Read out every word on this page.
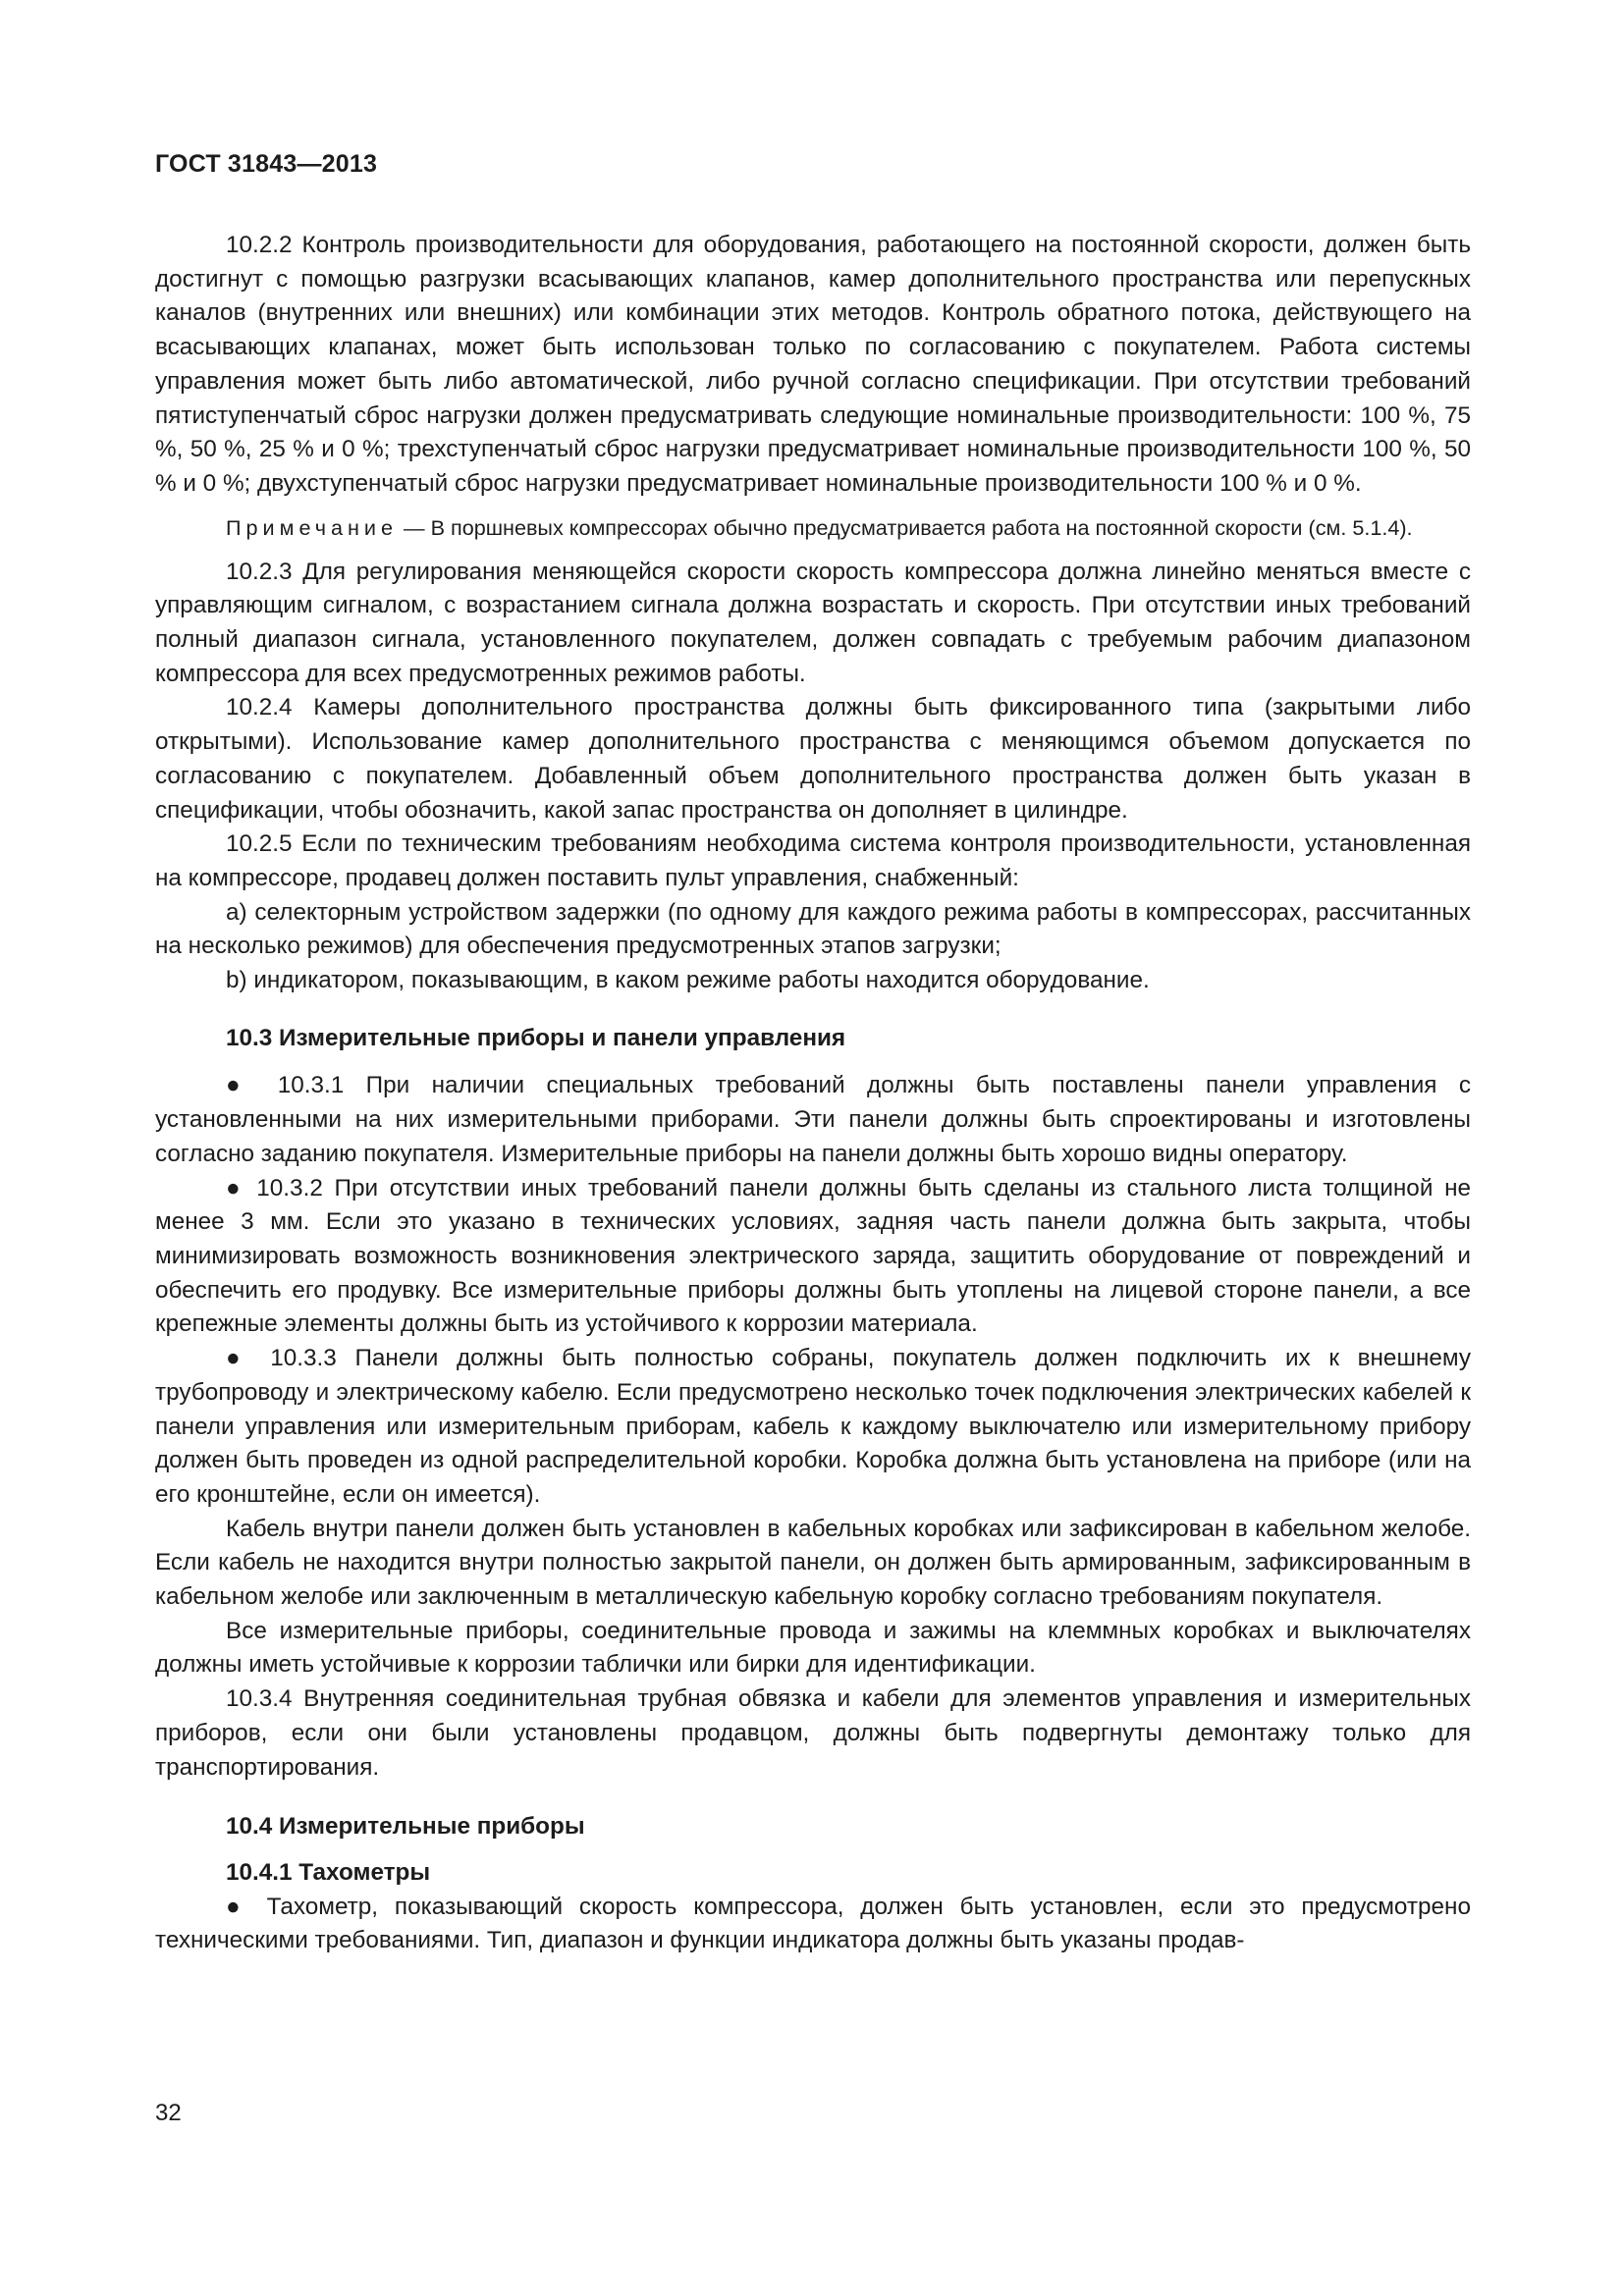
ГОСТ 31843—2013

10.2.2 Контроль производительности для оборудования, работающего на постоянной скорости, должен быть достигнут с помощью разгрузки всасывающих клапанов, камер дополнительного пространства или перепускных каналов (внутренних или внешних) или комбинации этих методов. Контроль обратного потока, действующего на всасывающих клапанах, может быть использован только по согласованию с покупателем. Работа системы управления может быть либо автоматической, либо ручной согласно спецификации. При отсутствии требований пятиступенчатый сброс нагрузки должен предусматривать следующие номинальные производительности: 100 %, 75 %, 50 %, 25 % и 0 %; трехступенчатый сброс нагрузки предусматривает номинальные производительности 100 %, 50 % и 0 %; двухступенчатый сброс нагрузки предусматривает номинальные производительности 100 % и 0 %.

Примечание — В поршневых компрессорах обычно предусматривается работа на постоянной скорости (см. 5.1.4).

10.2.3 Для регулирования меняющейся скорости скорость компрессора должна линейно меняться вместе с управляющим сигналом, с возрастанием сигнала должна возрастать и скорость. При отсутствии иных требований полный диапазон сигнала, установленного покупателем, должен совпадать с требуемым рабочим диапазоном компрессора для всех предусмотренных режимов работы.

10.2.4 Камеры дополнительного пространства должны быть фиксированного типа (закрытыми либо открытыми). Использование камер дополнительного пространства с меняющимся объемом допускается по согласованию с покупателем. Добавленный объем дополнительного пространства должен быть указан в спецификации, чтобы обозначить, какой запас пространства он дополняет в цилиндре.

10.2.5 Если по техническим требованиям необходима система контроля производительности, установленная на компрессоре, продавец должен поставить пульт управления, снабженный:

a) селекторным устройством задержки (по одному для каждого режима работы в компрессорах, рассчитанных на несколько режимов) для обеспечения предусмотренных этапов загрузки;

b) индикатором, показывающим, в каком режиме работы находится оборудование.

10.3 Измерительные приборы и панели управления

● 10.3.1 При наличии специальных требований должны быть поставлены панели управления с установленными на них измерительными приборами. Эти панели должны быть спроектированы и изготовлены согласно заданию покупателя. Измерительные приборы на панели должны быть хорошо видны оператору.

● 10.3.2 При отсутствии иных требований панели должны быть сделаны из стального листа толщиной не менее 3 мм. Если это указано в технических условиях, задняя часть панели должна быть закрыта, чтобы минимизировать возможность возникновения электрического заряда, защитить оборудование от повреждений и обеспечить его продувку. Все измерительные приборы должны быть утоплены на лицевой стороне панели, а все крепежные элементы должны быть из устойчивого к коррозии материала.

● 10.3.3 Панели должны быть полностью собраны, покупатель должен подключить их к внешнему трубопроводу и электрическому кабелю. Если предусмотрено несколько точек подключения электрических кабелей к панели управления или измерительным приборам, кабель к каждому выключателю или измерительному прибору должен быть проведен из одной распределительной коробки. Коробка должна быть установлена на приборе (или на его кронштейне, если он имеется).

Кабель внутри панели должен быть установлен в кабельных коробках или зафиксирован в кабельном желобе. Если кабель не находится внутри полностью закрытой панели, он должен быть армированным, зафиксированным в кабельном желобе или заключенным в металлическую кабельную коробку согласно требованиям покупателя.

Все измерительные приборы, соединительные провода и зажимы на клеммных коробках и выключателях должны иметь устойчивые к коррозии таблички или бирки для идентификации.

10.3.4 Внутренняя соединительная трубная обвязка и кабели для элементов управления и измерительных приборов, если они были установлены продавцом, должны быть подвергнуты демонтажу только для транспортирования.

10.4 Измерительные приборы
10.4.1 Тахометры

● Тахометр, показывающий скорость компрессора, должен быть установлен, если это предусмотрено техническими требованиями. Тип, диапазон и функции индикатора должны быть указаны продав-

32
